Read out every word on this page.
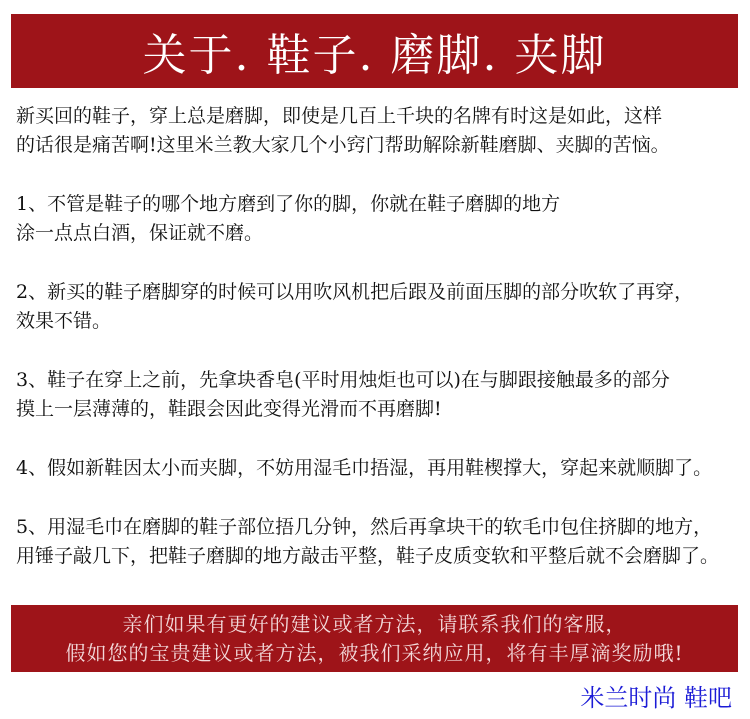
关于. 鞋子. 磨脚. 夹脚

新买回的鞋子，穿上总是磨脚，即使是几百上千块的名牌有时这是如此，这样
的话很是痛苦啊!这里米兰教大家几个小窍门帮助解除新鞋磨脚、夹脚的苦恼。

1、不管是鞋子的哪个地方磨到了你的脚，你就在鞋子磨脚的地方
涂一点点白酒，保证就不磨。

2、新买的鞋子磨脚穿的时候可以用吹风机把后跟及前面压脚的部分吹软了再穿，
效果不错。

3、鞋子在穿上之前，先拿块香皂(平时用烛炬也可以)在与脚跟接触最多的部分
摸上一层薄薄的，鞋跟会因此变得光滑而不再磨脚!

4、假如新鞋因太小而夹脚，不妨用湿毛巾捂湿，再用鞋楔撑大，穿起来就顺脚了。

5、用湿毛巾在磨脚的鞋子部位捂几分钟，然后再拿块干的软毛巾包住挤脚的地方，
用锤子敲几下，把鞋子磨脚的地方敲击平整，鞋子皮质变软和平整后就不会磨脚了。

亲们如果有更好的建议或者方法，请联系我们的客服，
假如您的宝贵建议或者方法，被我们采纳应用，将有丰厚滴奖励哦!
米兰时尚 鞋吧
